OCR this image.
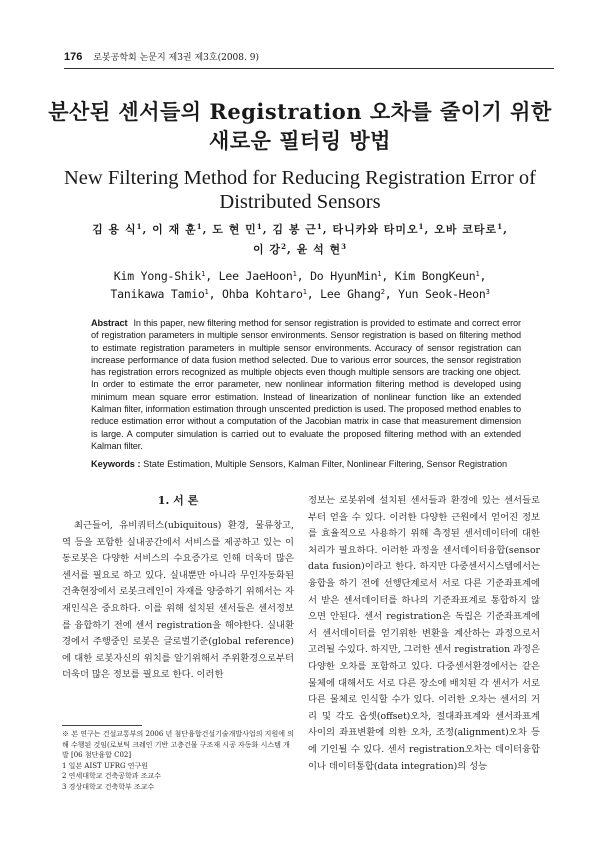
176 로봇공학회 논문지 제3권 제3호(2008. 9)
분산된 센서들의 Registration 오차를 줄이기 위한
새로운 필터링 방법
New Filtering Method for Reducing Registration Error of
Distributed Sensors
김 용 식$^1$, 이 재 훈$^1$, 도 현 민$^1$, 김 봉 근$^1$, 타니카와 타미오$^1$, 오바 코타로$^1$,
이 강$^2$, 윤 석 현$^3$
Kim Yong-Shik$^1$, Lee JaeHoon$^1$, Do HyunMin$^1$, Kim BongKeun$^1$,
Tanikawa Tamio$^1$, Ohba Kohtaro$^1$, Lee Ghang$^2$, Yun Seok-Heon$^3$
Abstract In this paper, new filtering method for sensor registration is provided to estimate and correct error of registration parameters in multiple sensor environments. Sensor registration is based on filtering method to estimate registration parameters in multiple sensor environments. Accuracy of sensor registration can increase performance of data fusion method selected. Due to various error sources, the sensor registration has registration errors recognized as multiple objects even though multiple sensors are tracking one object. In order to estimate the error parameter, new nonlinear information filtering method is developed using minimum mean square error estimation. Instead of linearization of nonlinear function like an extended Kalman filter, information estimation through unscented prediction is used. The proposed method enables to reduce estimation error without a computation of the Jacobian matrix in case that measurement dimension is large. A computer simulation is carried out to evaluate the proposed filtering method with an extended Kalman filter.
Keywords : State Estimation, Multiple Sensors, Kalman Filter, Nonlinear Filtering, Sensor Registration
1. 서 론

최근들어, 유비쿼터스(ubiquitous) 환경, 물류창고, 역 등을 포함한 실내공간에서 서비스를 제공하고 있는 이동로봇은 다양한 서비스의 수요증가로 인해 더욱더 많은 센서를 필요로 하고 있다. 실내뿐만 아니라 무인자동화된 건축현장에서 로봇크레인이 자재를 양중하기 위해서는 자재인식은 중요하다. 이를 위해 설치된 센서들은 센서정보를 융합하기 전에 센서 registration을 해야한다. 실내환경에서 주행중인 로봇은 글로벌기준(global reference)에 대한 로봇자신의 위치를 알기위해서 주위환경으로부터 더욱더 많은 정보를 필요로 한다. 이러한

※ 본 연구는 건설교통부의 2006 년 첨단융합건설기술개발사업의 지원에 의해 수행된 것임(로보틱 크레인 기반 고층건물 구조재 시공 자동화 시스템 개발 [06 첨단융합 C02]

1 일본 AIST UFRG 연구원

2 연세대학교 건축공학과 조교수

3 경상대학교 건축학부 조교수

정보는 로봇위에 설치된 센서들과 환경에 있는 센서들로부터 얻을 수 있다. 이러한 다양한 근원에서 얻어진 정보를 효율적으로 사용하기 위해 측정된 센서데이터에 대한 처리가 필요하다. 이러한 과정을 센서데이터융합(sensor data fusion)이라고 한다. 하지만 다중센서시스템에서는 융합을 하기 전에 선행단계로서 서로 다른 기준좌표계에서 받은 센서데이터를 하나의 기준좌표계로 통합하지 않으면 안된다. 센서 registration은 독립은 기준좌표계에서 센서데이터를 얻기위한 변환을 계산하는 과정으로서 고려될 수있다. 하지만, 그러한 센서 registration 과정은 다양한 오차를 포함하고 있다. 다중센서환경에서는 같은 물체에 대해서도 서로 다른 장소에 배치된 각 센서가 서로 다른 물체로 인식할 수가 있다. 이러한 오차는 센서의 거리 및 각도 옵셋(offset)오차, 절대좌표계와 센서좌표계 사이의 좌표변환에 의한 오차, 조정(alignment)오차 등에 기인될 수 있다. 센서 registration오차는 데이터융합이나 데이터통합(data integration)의 성능
